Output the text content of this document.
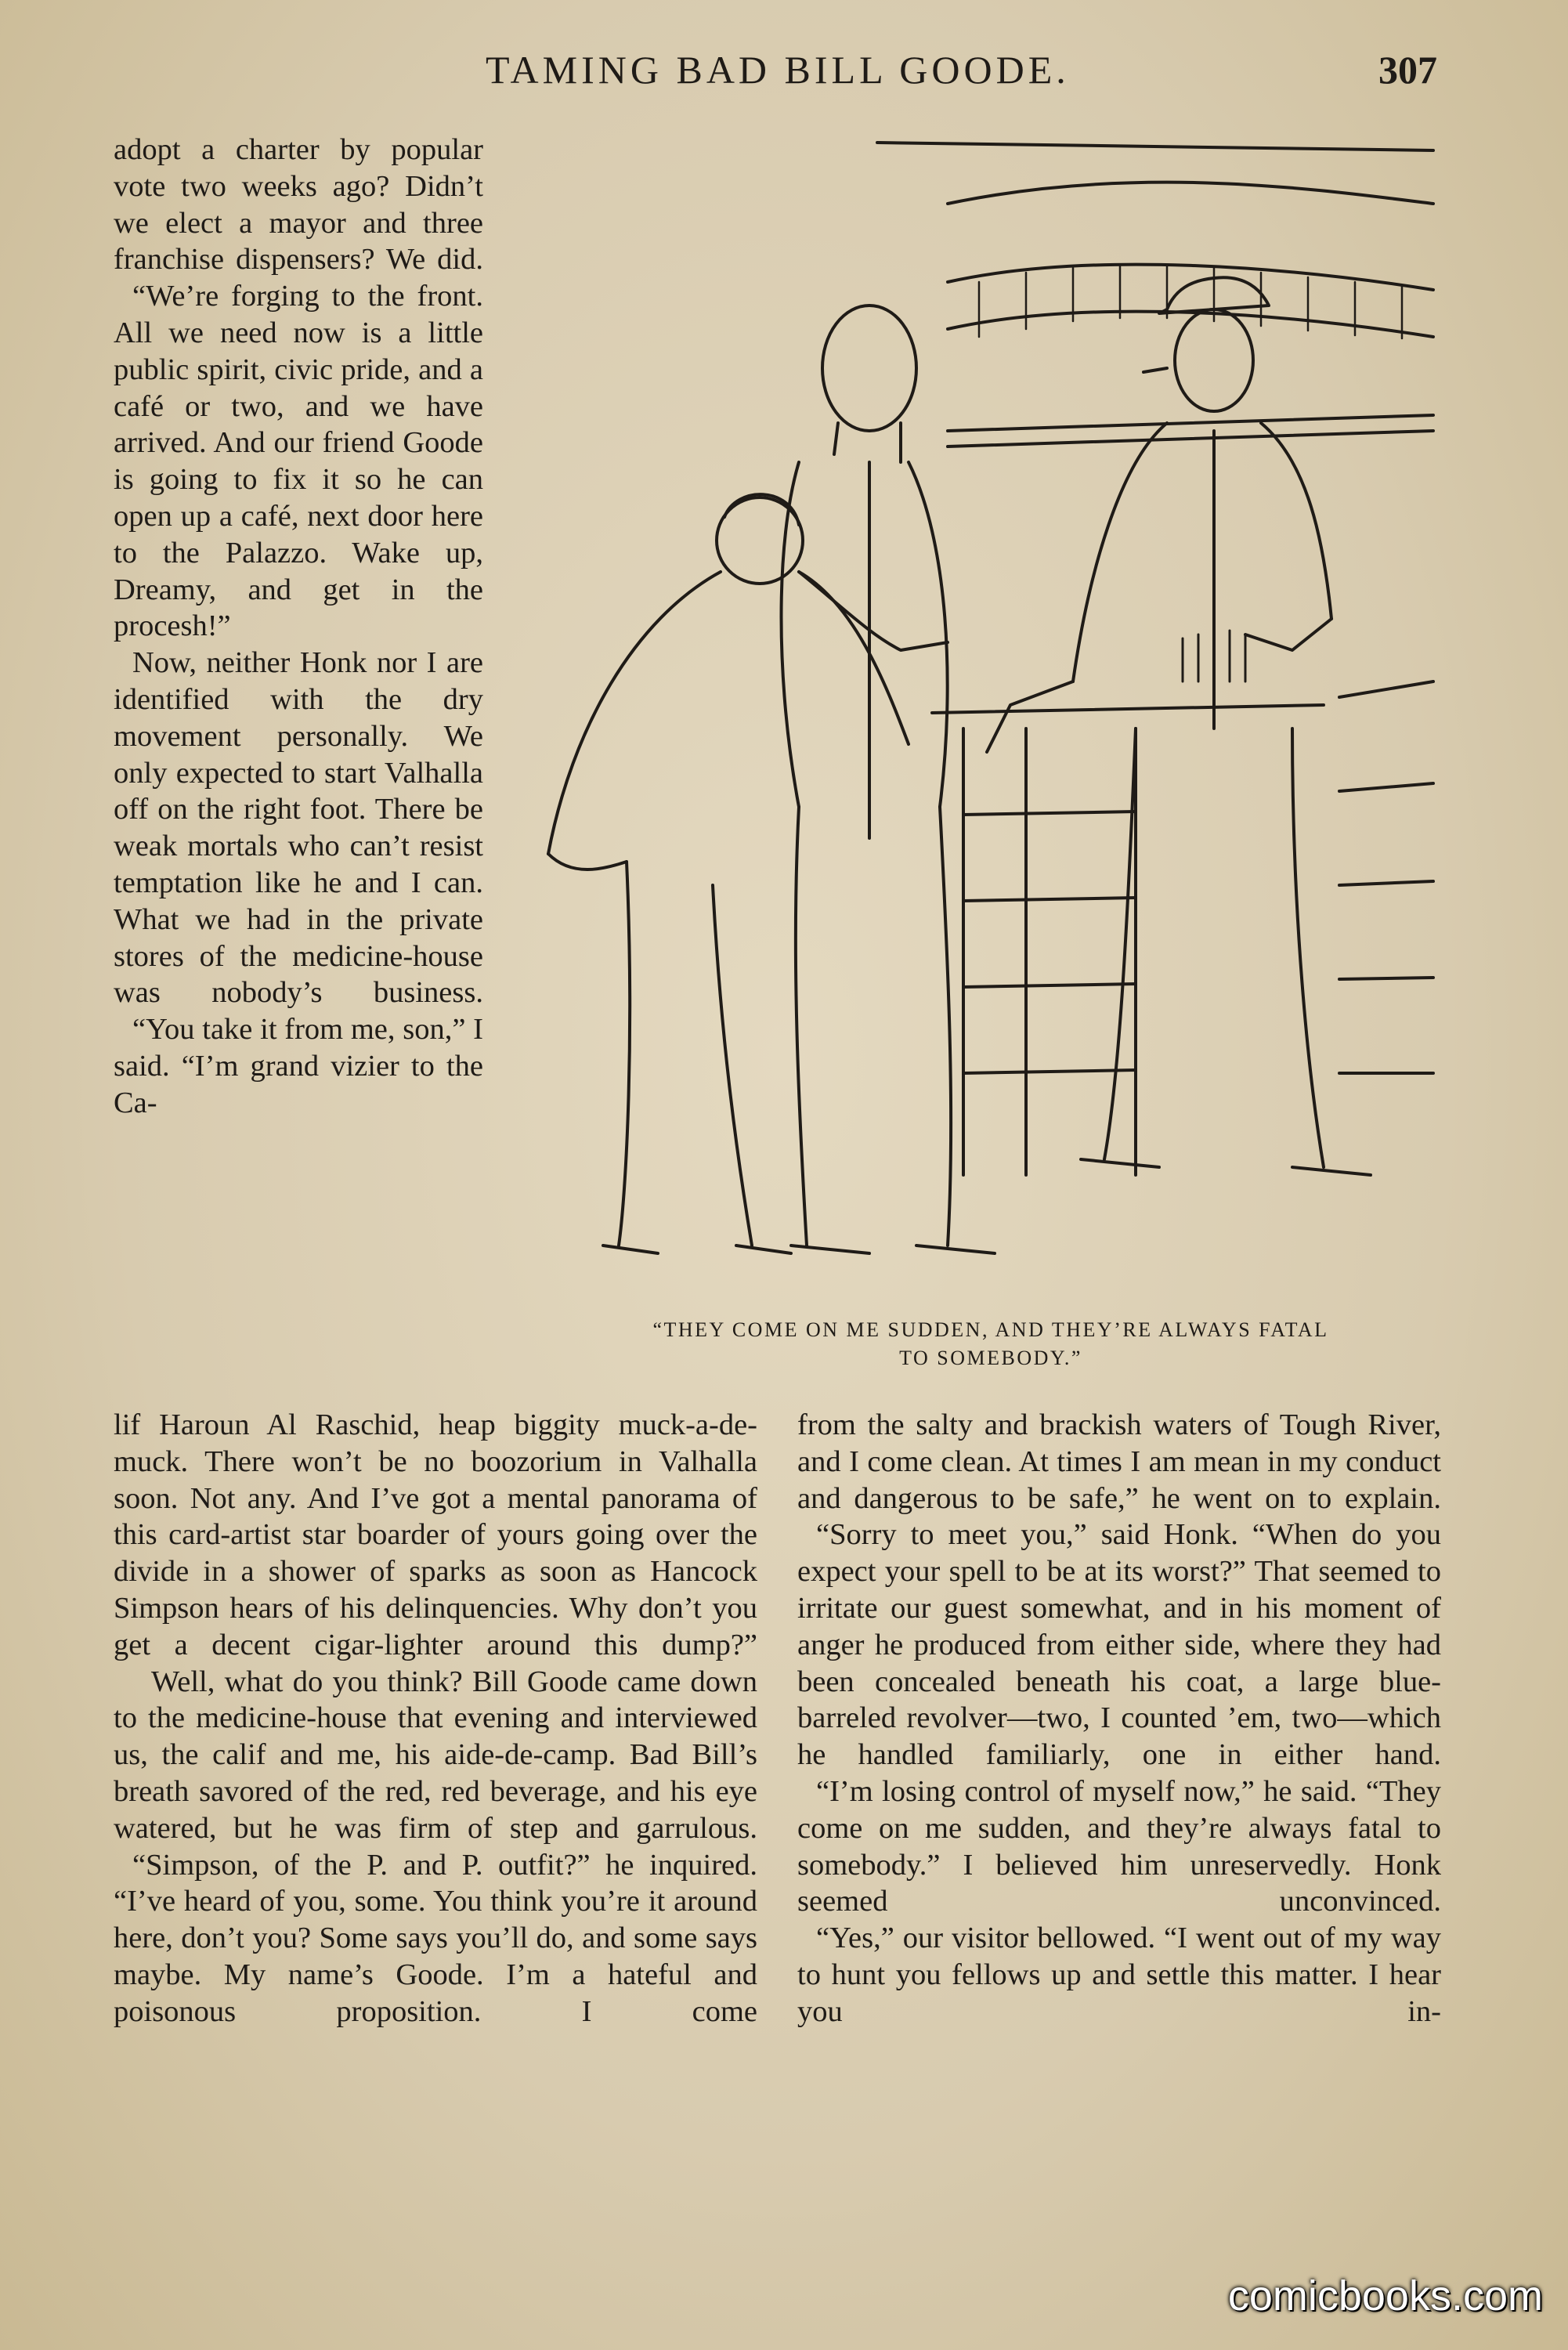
TAMING BAD BILL GOODE.	307

adopt a charter by popular vote two weeks ago? Didn’t we elect a mayor and three franchise dispensers? We did.

“We’re forging to the front. All we need now is a little public spirit, civic pride, and a café or two, and we have arrived. And our friend Goode is going to fix it so he can open up a café, next door here to the Palazzo. Wake up, Dreamy, and get in the procesh!”

Now, neither Honk nor I are identified with the dry movement personally. We only expected to start Valhalla off on the right foot. There be weak mortals who can’t resist temptation like he and I can. What we had in the private stores of the medicine-house was nobody’s business.

“You take it from me, son,” I said. “I’m grand vizier to the Ca-

“THEY COME ON ME SUDDEN, AND THEY’RE ALWAYS FATAL
TO SOMEBODY.”

lif Haroun Al Raschid, heap biggity muck-a-de-muck. There won’t be no boozorium in Valhalla soon. Not any. And I’ve got a mental panorama of this card-artist star boarder of yours going over the divide in a shower of sparks as soon as Hancock Simpson hears of his delinquencies. Why don’t you get a decent cigar-lighter around this dump?”

Well, what do you think? Bill Goode came down to the medicine-house that evening and interviewed us, the calif and me, his aide-de-camp. Bad Bill’s breath savored of the red, red beverage, and his eye watered, but he was firm of step and garrulous.

“Simpson, of the P. and P. outfit?” he inquired. “I’ve heard of you, some. You think you’re it around here, don’t you? Some says you’ll do, and some says maybe. My name’s Goode. I’m a hateful and poisonous proposition. I come

from the salty and brackish waters of Tough River, and I come clean. At times I am mean in my conduct and dangerous to be safe,” he went on to explain.

“Sorry to meet you,” said Honk. “When do you expect your spell to be at its worst?” That seemed to irritate our guest somewhat, and in his moment of anger he produced from either side, where they had been concealed beneath his coat, a large blue-barreled revolver—two, I counted ’em, two—which he handled familiarly, one in either hand.

“I’m losing control of myself now,” he said. “They come on me sudden, and they’re always fatal to somebody.” I believed him unreservedly. Honk seemed unconvinced.

“Yes,” our visitor bellowed. “I went out of my way to hunt you fellows up and settle this matter. I hear you in-

comicbooks.com
